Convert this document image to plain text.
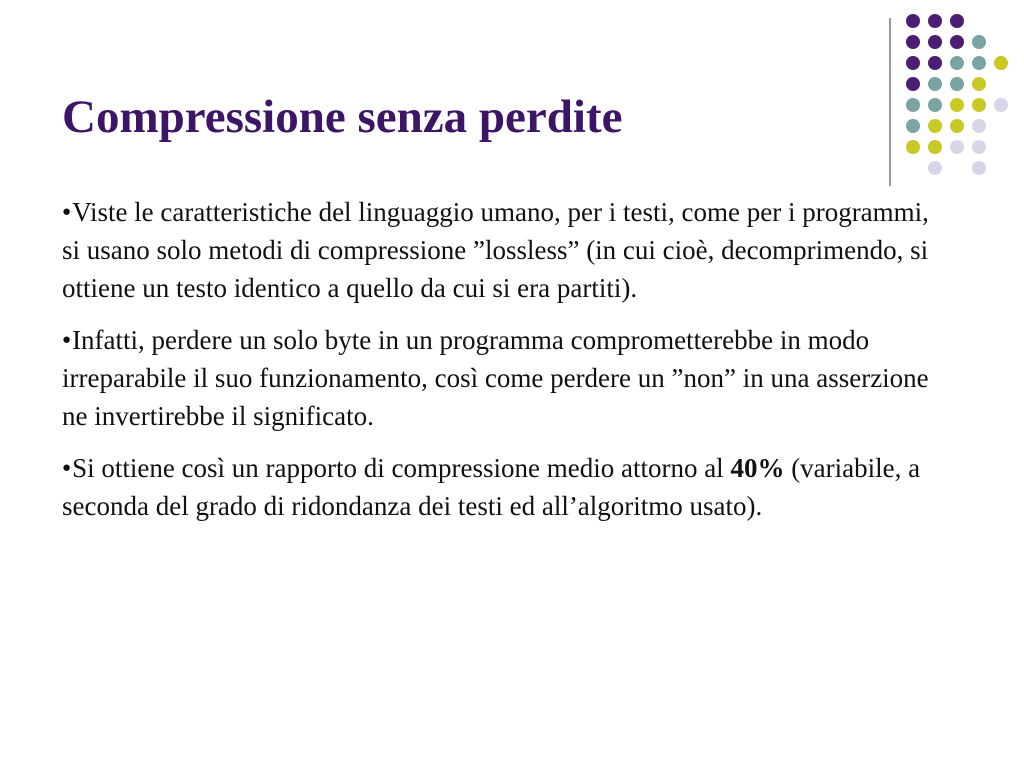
Compressione senza perdite

●Viste le caratteristiche del linguaggio umano, per i testi, come per i programmi, si usano solo metodi di compressione ”lossless” (in cui cioè, decomprimendo, si ottiene un testo identico a quello da cui si era partiti).

●Infatti, perdere un solo byte in un programma comprometterebbe in modo irreparabile il suo funzionamento, così come perdere un ”non” in una asserzione ne invertirebbe il significato.

●Si ottiene così un rapporto di compressione medio attorno al 40% (variabile, a seconda del grado di ridondanza dei testi ed all’algoritmo usato).
